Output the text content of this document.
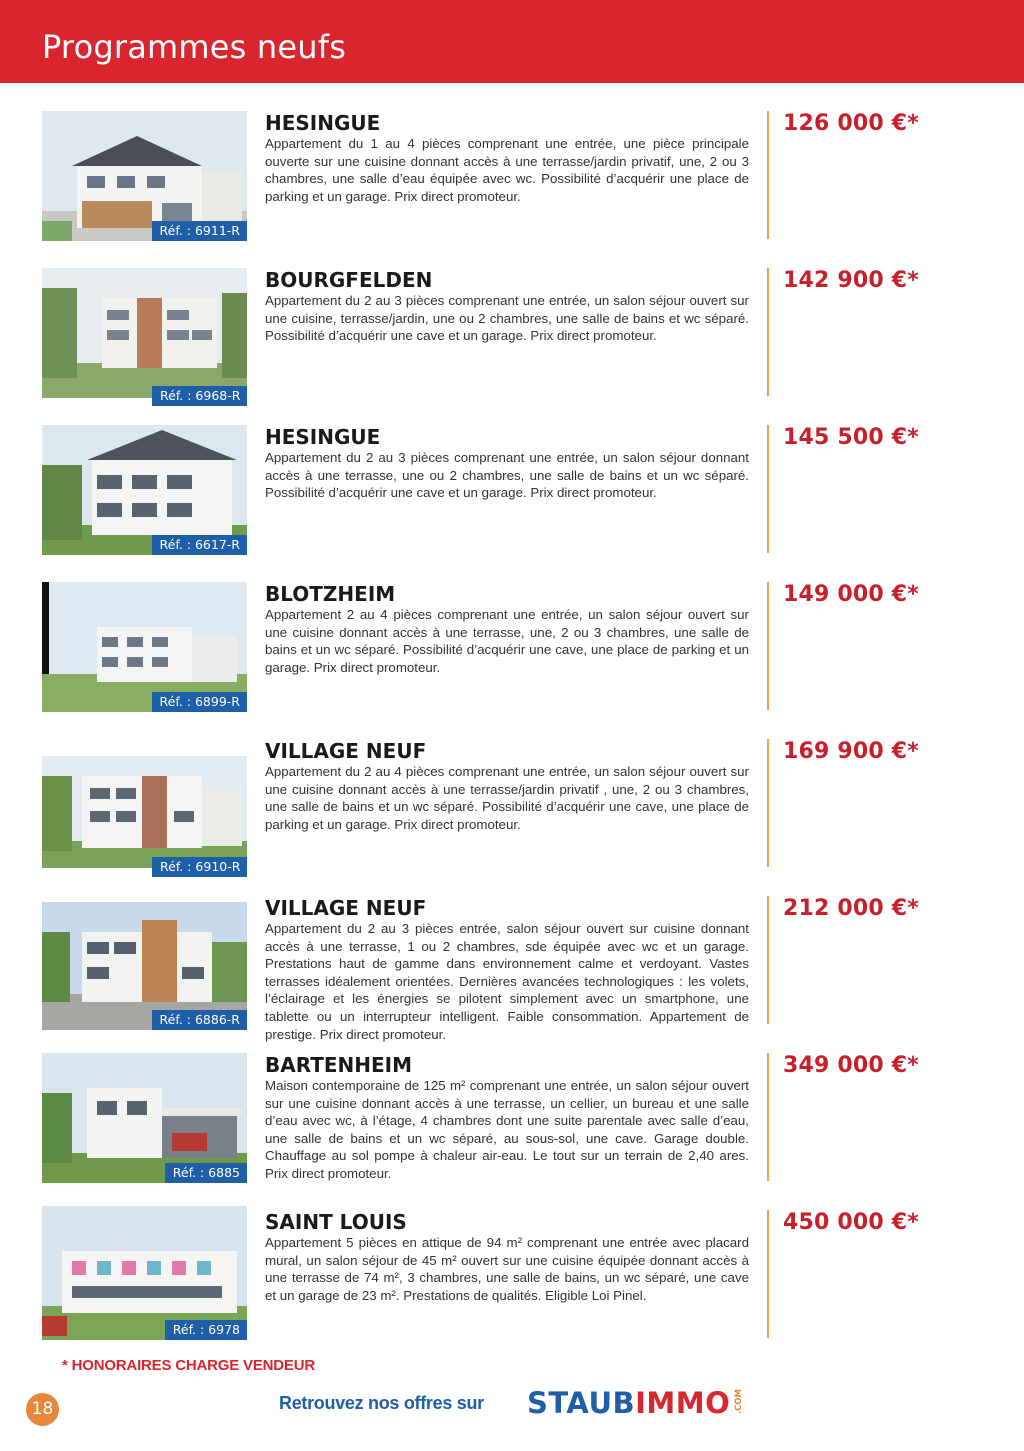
Programmes neufs
Réf. : 6911-R
HESINGUE

Appartement du 1 au 4 pièces comprenant une entrée, une pièce principale ouverte sur une cuisine donnant accès à une terrasse/jardin privatif, une, 2 ou 3 chambres, une salle d’eau équipée avec wc. Possibilité d’acquérir une place de parking et un garage. Prix direct promoteur.

126 000 €*
BOURGFELDEN

Appartement du 2 au 3 pièces comprenant une entrée, un salon séjour ouvert sur une cuisine, terrasse/jardin, une ou 2 chambres, une salle de bains et wc séparé. Possibilité d’acquérir une cave et un garage. Prix direct promoteur.

142 900 €*
Réf. : 6968-R
Réf. : 6617-R
HESINGUE

Appartement du 2 au 3 pièces comprenant une entrée, un salon séjour donnant accès à une terrasse, une ou 2 chambres, une salle de bains et un wc séparé. Possibilité d’acquérir une cave et un garage. Prix direct promoteur.

145 500 €*
Réf. : 6899-R
BLOTZHEIM

Appartement 2 au 4 pièces comprenant une entrée, un salon séjour ouvert sur une cuisine donnant accès à une terrasse, une, 2 ou 3 chambres, une salle de bains et un wc séparé. Possibilité d’acquérir une cave, une place de parking et un garage. Prix direct promoteur.

149 000 €*
VILLAGE NEUF

Appartement du 2 au 4 pièces comprenant une entrée, un salon séjour ouvert sur une cuisine donnant accès à une terrasse/jardin privatif , une, 2 ou 3 chambres, une salle de bains et un wc séparé. Possibilité d’acquérir une cave, une place de parking et un garage. Prix direct promoteur.

169 900 €*
Réf. : 6910-R
Réf. : 6886-R
VILLAGE NEUF

Appartement du 2 au 3 pièces entrée, salon séjour ouvert sur cuisine donnant accès à une terrasse, 1 ou 2 chambres, sde équipée avec wc et un garage. Prestations haut de gamme dans environnement calme et verdoyant. Vastes terrasses idéalement orientées. Dernières avancées technologiques : les volets, l’éclairage et les énergies se pilotent simplement avec un smartphone, une tablette ou un interrupteur intelligent. Faible consommation. Appartement de prestige. Prix direct promoteur.

212 000 €*
Réf. : 6885
BARTENHEIM

Maison contemporaine de 125 m² comprenant une entrée, un salon séjour ouvert sur une cuisine donnant accès à une terrasse, un cellier, un bureau et une salle d’eau avec wc, à l’étage, 4 chambres dont une suite parentale avec salle d’eau, une salle de bains et un wc séparé, au sous-sol, une cave. Garage double. Chauffage au sol pompe à chaleur air-eau. Le tout sur un terrain de 2,40 ares. Prix direct promoteur.

349 000 €*
Réf. : 6978
SAINT LOUIS

Appartement 5 pièces en attique de 94 m² comprenant une entrée avec placard mural, un salon séjour de 45 m² ouvert sur une cuisine équipée donnant accès à une terrasse de 74 m², 3 chambres, une salle de bains, un wc séparé, une cave et un garage de 23 m². Prestations de qualités. Eligible Loi Pinel.

450 000 €*
* HONORAIRES CHARGE VENDEUR
18	Retrouvez nos offres sur STAUBIMMO .COM
